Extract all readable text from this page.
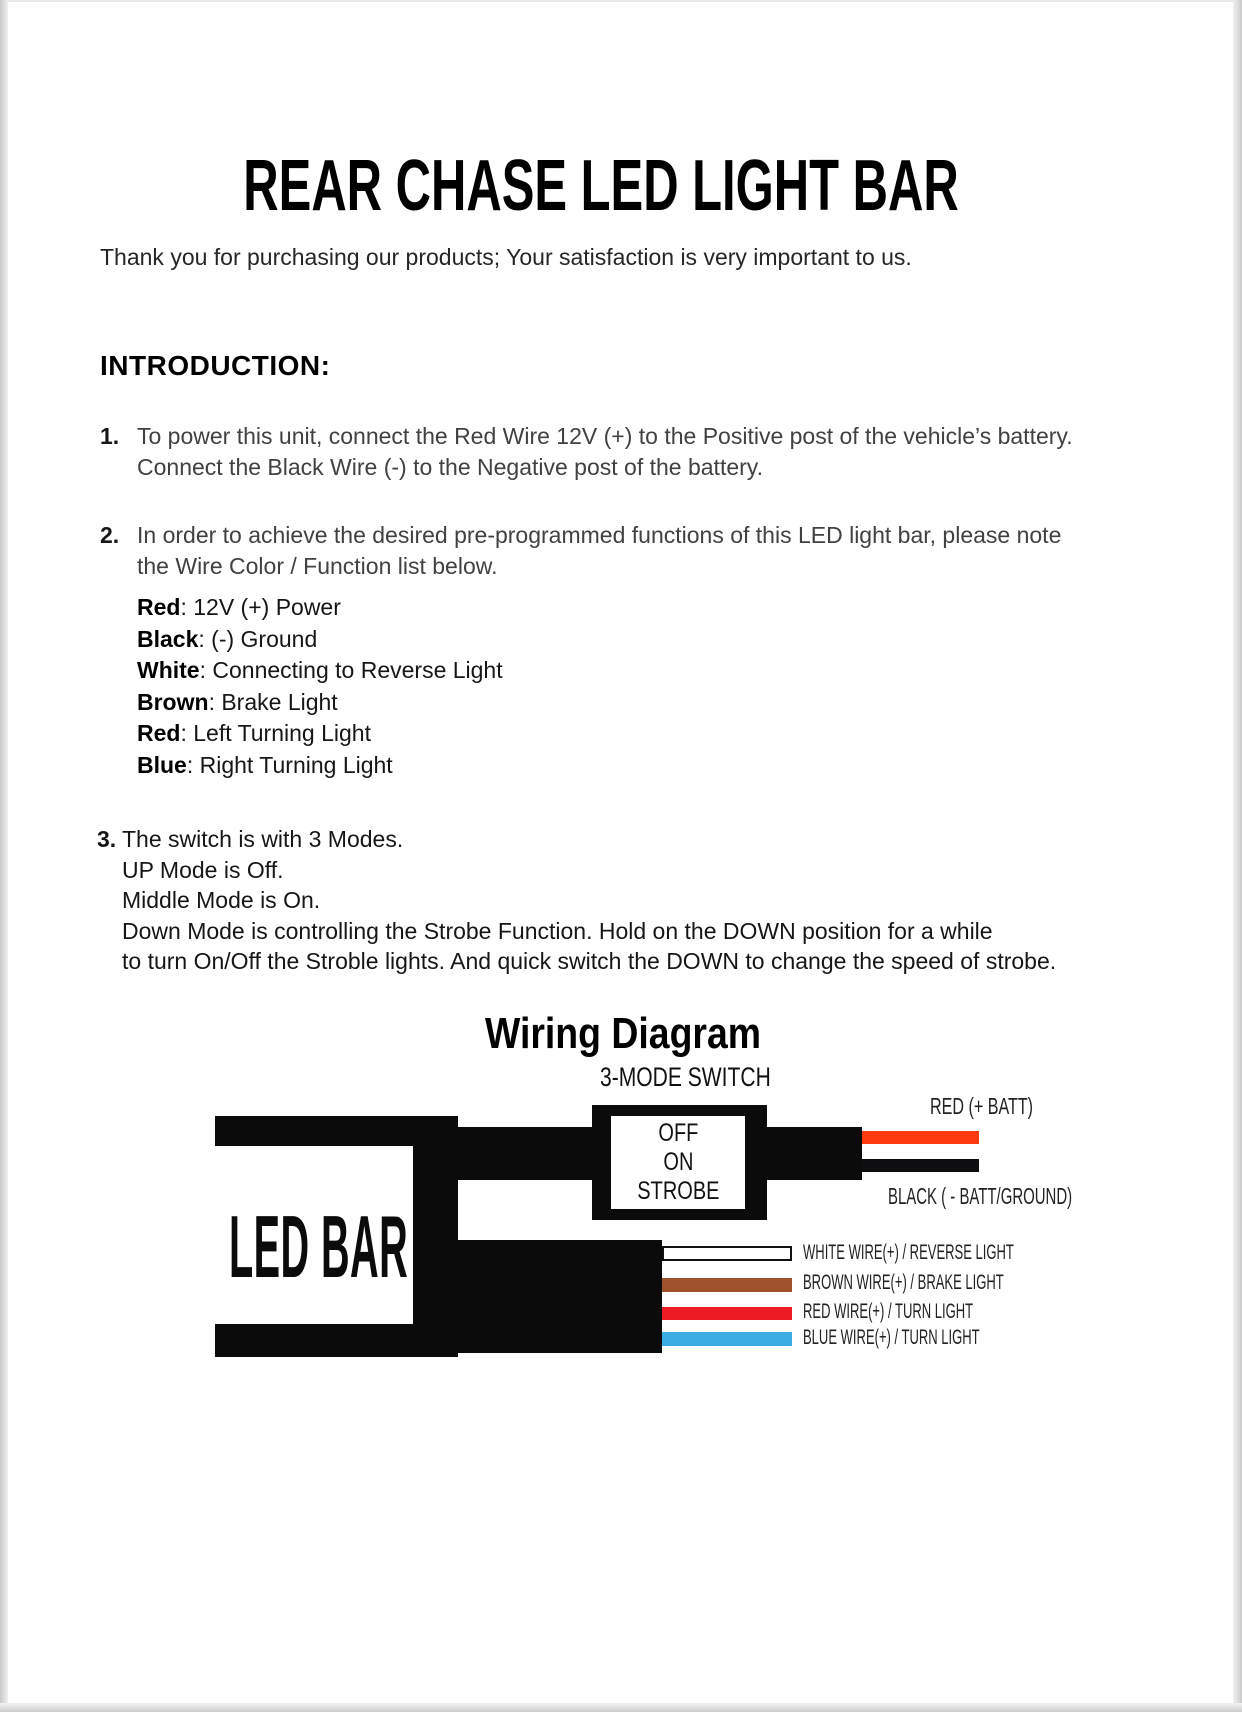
REAR CHASE LED LIGHT BAR

Thank you for purchasing our products; Your satisfaction is very important to us.

INTRODUCTION:
1. To power this unit, connect the Red Wire 12V (+) to the Positive post of the vehicle’s battery.
Connect the Black Wire (-) to the Negative post of the battery.
2. In order to achieve the desired pre-programmed functions of this LED light bar, please note
the Wire Color / Function list below.
Red: 12V (+) Power
Black: (-) Ground
White: Connecting to Reverse Light
Brown: Brake Light
Red: Left Turning Light
Blue: Right Turning Light
3. The switch is with 3 Modes.
UP Mode is Off.
Middle Mode is On.
Down Mode is controlling the Strobe Function. Hold on the DOWN position for a while
to turn On/Off the Stroble lights. And quick switch the DOWN to change the speed of strobe.
Wiring Diagram
3-MODE SWITCH
LED BAR
OFF
ON
STROBE
RED (+ BATT)
BLACK ( - BATT/GROUND)
WHITE WIRE(+) / REVERSE LIGHT
BROWN WIRE(+) / BRAKE LIGHT
RED WIRE(+) / TURN LIGHT
BLUE WIRE(+) / TURN LIGHT
